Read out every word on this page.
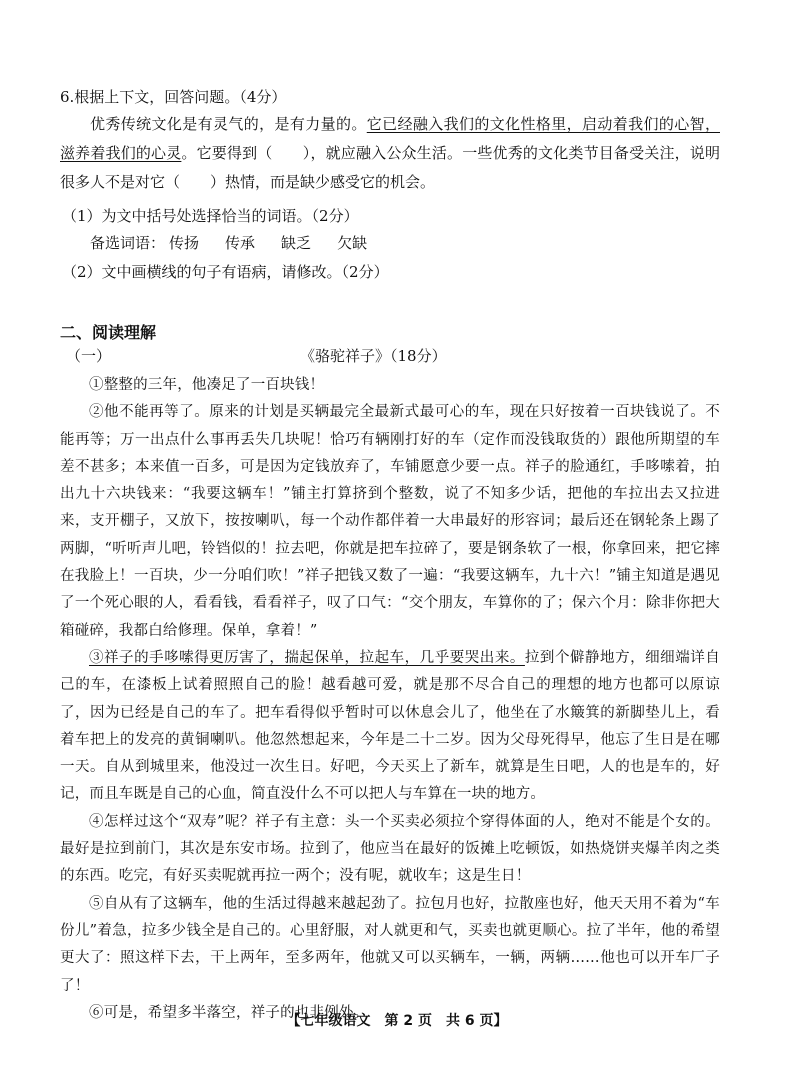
6.根据上下文，回答问题。（4分）
优秀传统文化是有灵气的，是有力量的。它已经融入我们的文化性格里，启动着我们的心智，滋养着我们的心灵。它要得到（　　），就应融入公众生活。一些优秀的文化类节目备受关注，说明很多人不是对它（　　）热情，而是缺少感受它的机会。
（1）为文中括号处选择恰当的词语。（2分）
备选词语： 传扬 传承 缺乏 欠缺
（2）文中画横线的句子有语病，请修改。（2分）
二、阅读理解
（一）	《骆驼祥子》（18分）

①整整的三年，他凑足了一百块钱！

②他不能再等了。原来的计划是买辆最完全最新式最可心的车，现在只好按着一百块钱说了。不能再等；万一出点什么事再丢失几块呢！恰巧有辆刚打好的车（定作而没钱取货的）跟他所期望的车差不甚多；本来值一百多，可是因为定钱放弃了，车铺愿意少要一点。祥子的脸通红，手哆嗦着，拍出九十六块钱来：“我要这辆车！”铺主打算挤到个整数，说了不知多少话，把他的车拉出去又拉进来，支开棚子，又放下，按按喇叭，每一个动作都伴着一大串最好的形容词；最后还在钢轮条上踢了两脚，“听听声儿吧，铃铛似的！拉去吧，你就是把车拉碎了，要是钢条软了一根，你拿回来，把它摔在我脸上！一百块，少一分咱们吹！”祥子把钱又数了一遍：“我要这辆车，九十六！”铺主知道是遇见了一个死心眼的人，看看钱，看看祥子，叹了口气：“交个朋友，车算你的了；保六个月：除非你把大箱碰碎，我都白给修理。保单，拿着！”

③祥子的手哆嗦得更厉害了，揣起保单，拉起车，几乎要哭出来。拉到个僻静地方，细细端详自己的车，在漆板上试着照照自己的脸！越看越可爱，就是那不尽合自己的理想的地方也都可以原谅了，因为已经是自己的车了。把车看得似乎暂时可以休息会儿了，他坐在了水簸箕的新脚垫儿上，看着车把上的发亮的黄铜喇叭。他忽然想起来，今年是二十二岁。因为父母死得早，他忘了生日是在哪一天。自从到城里来，他没过一次生日。好吧，今天买上了新车，就算是生日吧，人的也是车的，好记，而且车既是自己的心血，简直没什么不可以把人与车算在一块的地方。

④怎样过这个“双寿”呢？祥子有主意：头一个买卖必须拉个穿得体面的人，绝对不能是个女的。最好是拉到前门，其次是东安市场。拉到了，他应当在最好的饭摊上吃顿饭，如热烧饼夹爆羊肉之类的东西。吃完，有好买卖呢就再拉一两个；没有呢，就收车；这是生日！

⑤自从有了这辆车，他的生活过得越来越起劲了。拉包月也好，拉散座也好，他天天用不着为“车份儿”着急，拉多少钱全是自己的。心里舒服，对人就更和气，买卖也就更顺心。拉了半年，他的希望更大了：照这样下去，干上两年，至多两年，他就又可以买辆车，一辆，两辆……他也可以开车厂子了！

⑥可是，希望多半落空，祥子的也非例外。

【七年级语文　第 2 页　共 6 页】
